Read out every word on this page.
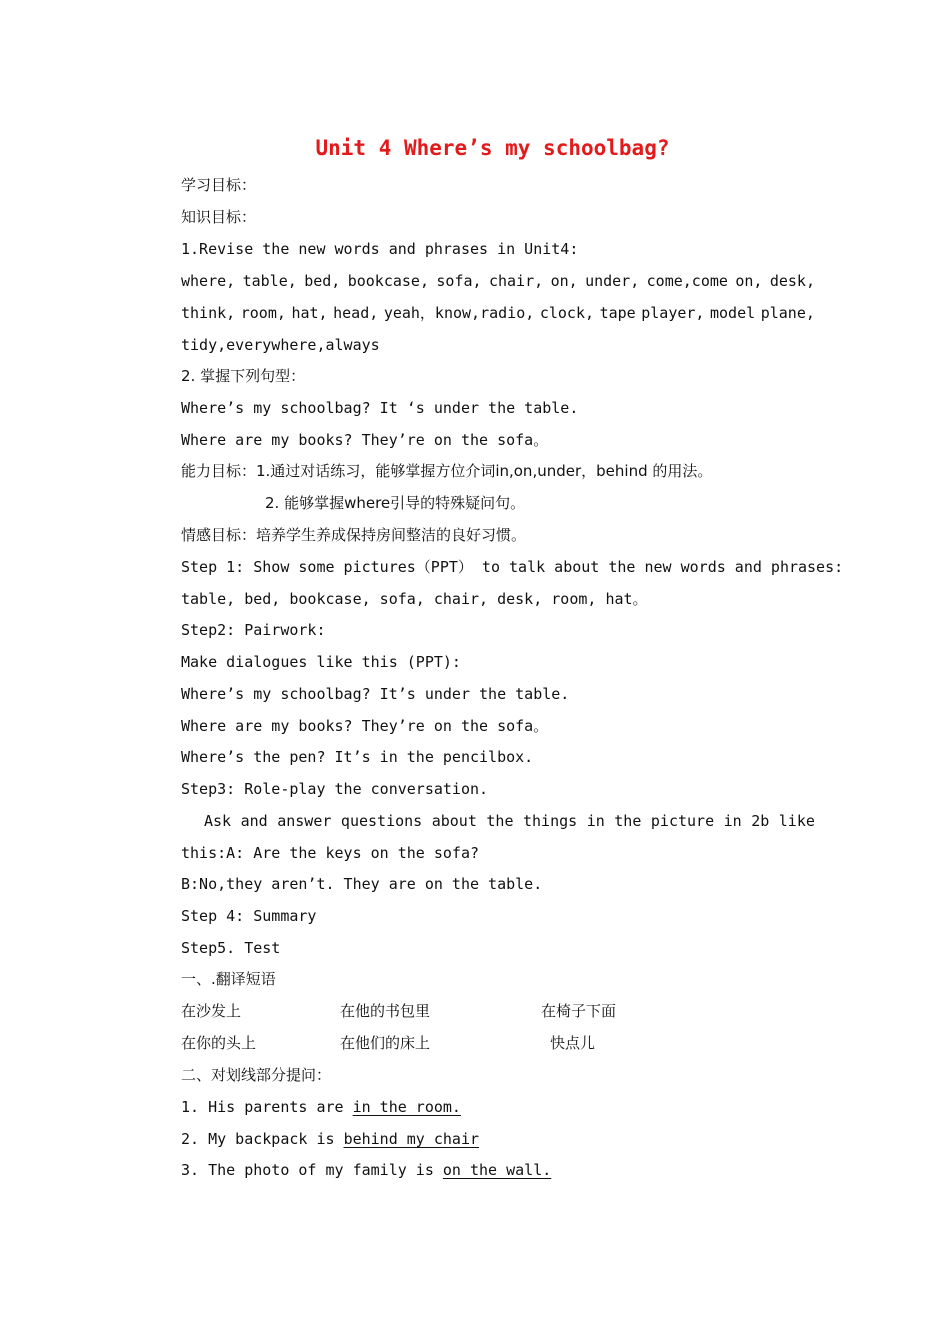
Unit 4 Where’s my schoolbag?
学习目标：
知识目标：
1.Revise the new words and phrases in Unit4:
where, table, bed, bookcase, sofa, chair, on, under, come,come on, desk,
think, room, hat, head, yeah，know,radio, clock, tape player, model plane,
tidy,everywhere,always
2. 掌握下列句型：
Where’s my schoolbag? It ‘s under the table.
Where are my books? They’re on the sofa。
能力目标：1.通过对话练习，能够掌握方位介词in,on,under，behind 的用法。
2. 能够掌握where引导的特殊疑问句。
情感目标：培养学生养成保持房间整洁的良好习惯。
Step 1: Show some pictures（PPT） to talk about the new words and phrases:
table, bed, bookcase, sofa, chair, desk, room, hat。
Step2: Pairwork:
Make dialogues like this (PPT):
Where’s my schoolbag? It’s under the table.
Where are my books? They’re on the sofa。
Where’s the pen? It’s in the pencilbox.
Step3: Role-play the conversation.
Ask and answer questions about the things in the picture in 2b like
this:A: Are the keys on the sofa?
B:No,they aren’t. They are on the table.
Step 4: Summary
Step5. Test
一、.翻译短语
在沙发上	在他的书包里	在椅子下面
在你的头上	在他们的床上	快点儿
二、对划线部分提问：
1. His parents are in the room.
2. My backpack is behind my chair
3. The photo of my family is on the wall.
